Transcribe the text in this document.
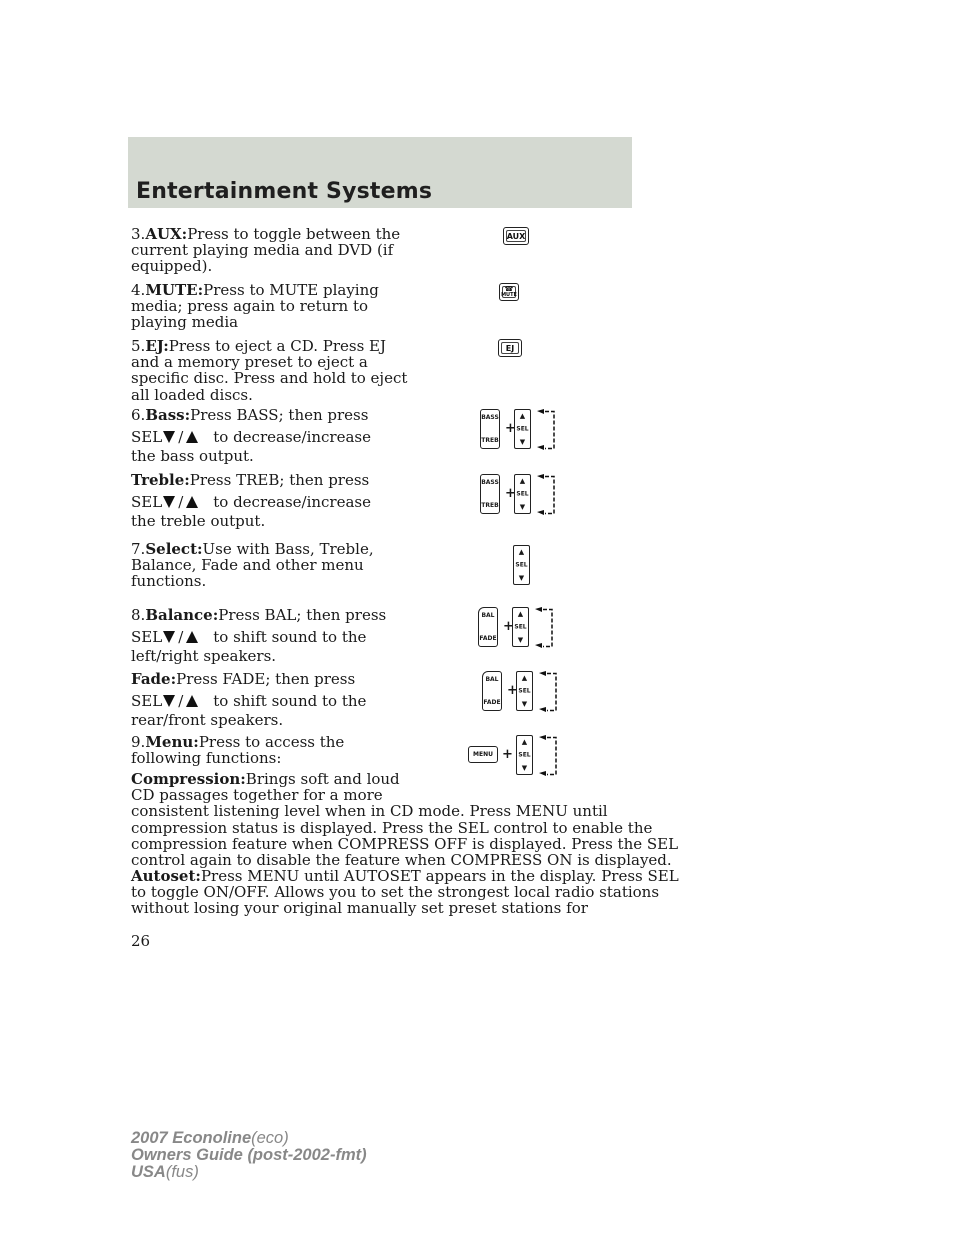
Entertainment Systems
3.AUX:Press to toggle between the
current playing media and DVD (if
equipped).
AUX
4.MUTE:Press to MUTE playing
media; press again to return to
playing media
☎
MUTE
5.EJ:Press to eject a CD. Press EJ
and a memory preset to eject a
specific disc. Press and hold to eject
all loaded discs.
EJ
6.Bass:Press BASS; then press
SEL / to decrease/increase
the bass output.
BASS
TREB
+
▲
SEL
▼
Treble:Press TREB; then press
SEL / to decrease/increase
the treble output.
BASS
TREB
+
▲
SEL
▼
7.Select:Use with Bass, Treble,
Balance, Fade and other menu
functions.
▲
SEL
▼
8.Balance:Press BAL; then press
SEL / to shift sound to the
left/right speakers.
BAL
FADE
+
▲
SEL
▼
Fade:Press FADE; then press
SEL / to shift sound to the
rear/front speakers.
BAL
FADE
+
▲
SEL
▼
9.Menu:Press to access the
following functions:	MENU +
▲
SEL
▼
Compression:Brings soft and loud
CD passages together for a more
consistent listening level when in CD mode. Press MENU until
compression status is displayed. Press the SEL control to enable the
compression feature when COMPRESS OFF is displayed. Press the SEL
control again to disable the feature when COMPRESS ON is displayed.
Autoset:Press MENU until AUTOSET appears in the display. Press SEL
to toggle ON/OFF. Allows you to set the strongest local radio stations
without losing your original manually set preset stations for
26
2007 Econoline(eco)
Owners Guide (post-2002-fmt)
USA(fus)
